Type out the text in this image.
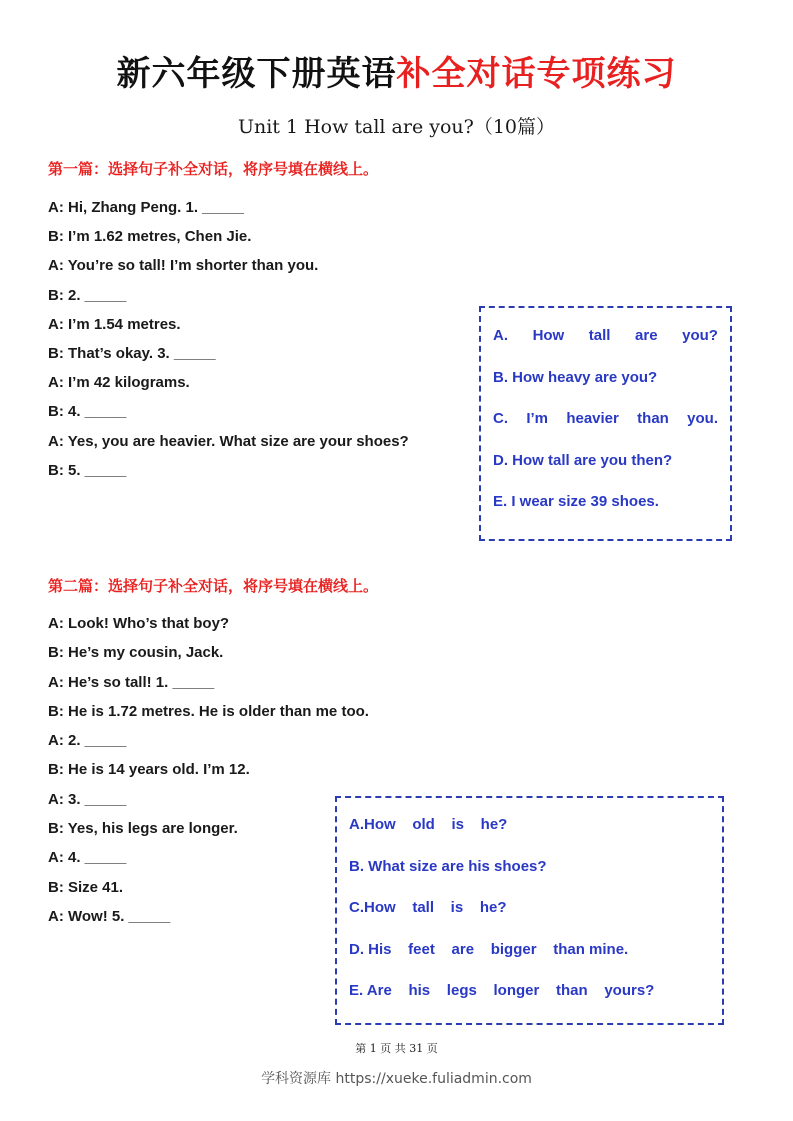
新六年级下册英语补全对话专项练习
Unit 1 How tall are you?（10篇）
第一篇：选择句子补全对话，将序号填在横线上。
A: Hi, Zhang Peng. 1. _____
B: I’m 1.62 metres, Chen Jie.
A: You’re so tall! I’m shorter than you.
B: 2. _____
A: I’m 1.54 metres.
B: That’s okay. 3. _____
A: I’m 42 kilograms.
B: 4. _____
A: Yes, you are heavier. What size are your shoes?
B: 5. _____
A. How tall are you?
B. How heavy are you?
C. I’m heavier than you.
D. How tall are you then?
E. I wear size 39 shoes.
第二篇：选择句子补全对话，将序号填在横线上。
A: Look! Who’s that boy?
B: He’s my cousin, Jack.
A: He’s so tall! 1. _____
B: He is 1.72 metres. He is older than me too.
A: 2. _____
B: He is 14 years old. I’m 12.
A: 3. _____
B: Yes, his legs are longer.
A: 4. _____
B: Size 41.
A: Wow! 5. _____
A.How    old    is    he?
B. What size are his shoes?
C.How    tall    is    he?
D. His    feet    are    bigger    than mine.
E. Are    his    legs    longer    than    yours?
第 1 页 共 31 页
学科资源库 https://xueke.fuliadmin.com
